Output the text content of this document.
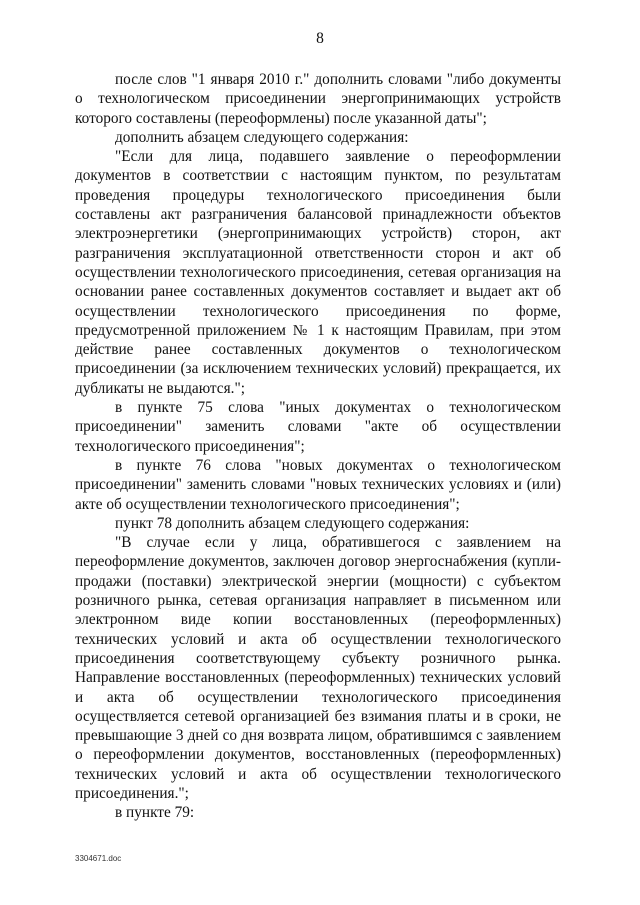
8

после слов "1 января 2010 г." дополнить словами "либо документы о технологическом присоединении энергопринимающих устройств которого составлены (переоформлены) после указанной даты";

дополнить абзацем следующего содержания:

"Если для лица, подавшего заявление о переоформлении документов в соответствии с настоящим пунктом, по результатам проведения процедуры технологического присоединения были составлены акт разграничения балансовой принадлежности объектов электроэнергетики (энергопринимающих устройств) сторон, акт разграничения эксплуатационной ответственности сторон и акт об осуществлении технологического присоединения, сетевая организация на основании ранее составленных документов составляет и выдает акт об осуществлении технологического присоединения по форме, предусмотренной приложением № 1 к настоящим Правилам, при этом действие ранее составленных документов о технологическом присоединении (за исключением технических условий) прекращается, их дубликаты не выдаются.";

в пункте 75 слова "иных документах о технологическом присоединении" заменить словами "акте об осуществлении технологического присоединения";

в пункте 76 слова "новых документах о технологическом присоединении" заменить словами "новых технических условиях и (или) акте об осуществлении технологического присоединения";

пункт 78 дополнить абзацем следующего содержания:

"В случае если у лица, обратившегося с заявлением на переоформление документов, заключен договор энергоснабжения (купли-продажи (поставки) электрической энергии (мощности) с субъектом розничного рынка, сетевая организация направляет в письменном или электронном виде копии восстановленных (переоформленных) технических условий и акта об осуществлении технологического присоединения соответствующему субъекту розничного рынка. Направление восстановленных (переоформленных) технических условий и акта об осуществлении технологического присоединения осуществляется сетевой организацией без взимания платы и в сроки, не превышающие 3 дней со дня возврата лицом, обратившимся с заявлением о переоформлении документов, восстановленных (переоформленных) технических условий и акта об осуществлении технологического присоединения.";

в пункте 79:

3304671.doc
